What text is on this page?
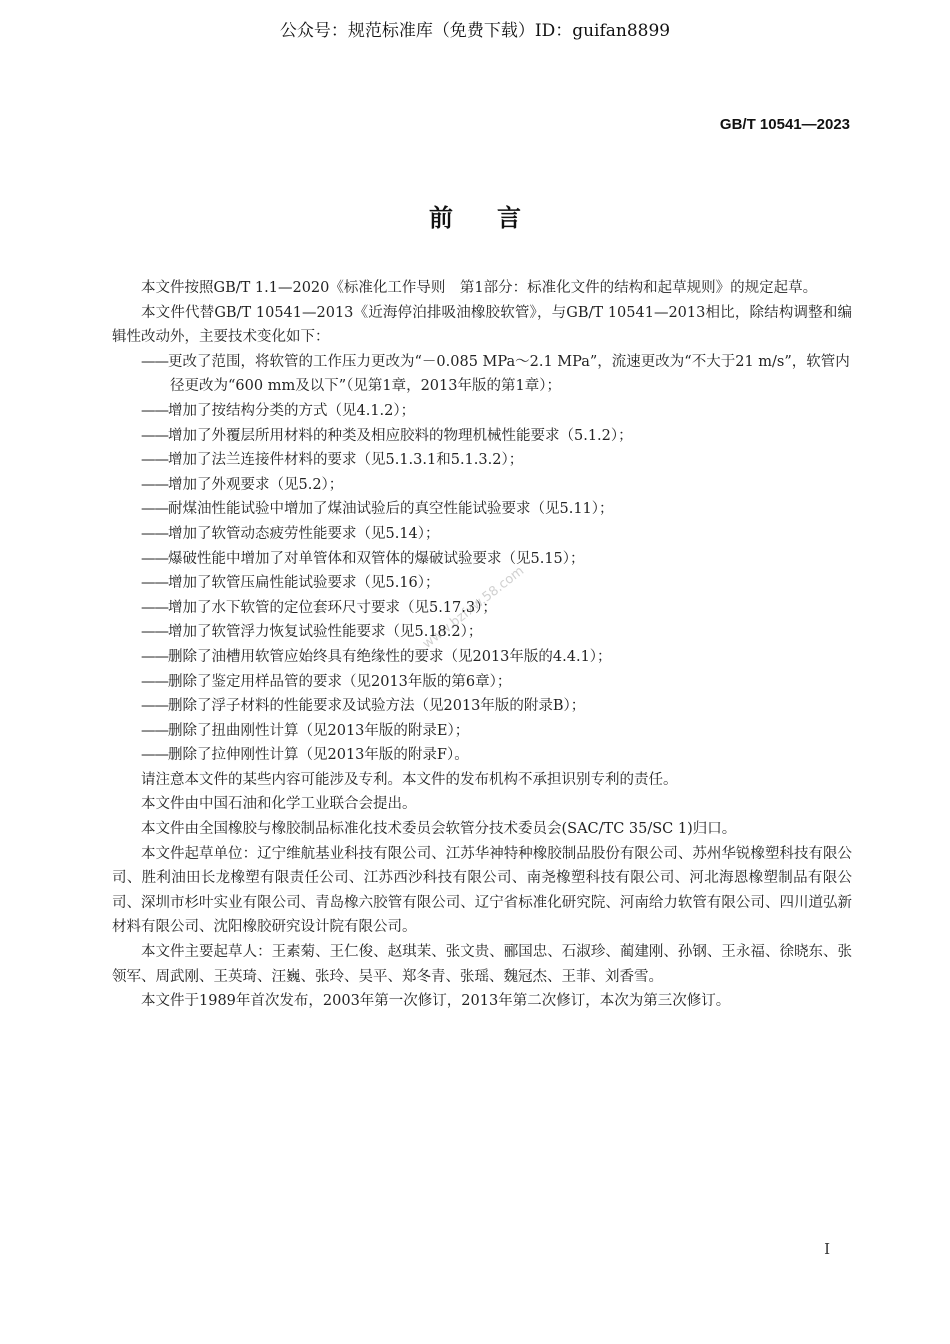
公众号：规范标准库（免费下载）ID：guifan8899
GB/T 10541—2023
前言
www.bzfxw.58.com

本文件按照GB/T 1.1—2020《标准化工作导则　第1部分：标准化文件的结构和起草规则》的规定起草。

本文件代替GB/T 10541—2013《近海停泊排吸油橡胶软管》，与GB/T 10541—2013相比，除结构调整和编辑性改动外，主要技术变化如下：

——更改了范围，将软管的工作压力更改为“－0.085 MPa～2.1 MPa”，流速更改为“不大于21 m/s”，软管内径更改为“600 mm及以下”（见第1章，2013年版的第1章）；
——增加了按结构分类的方式（见4.1.2）；
——增加了外覆层所用材料的种类及相应胶料的物理机械性能要求（5.1.2）；
——增加了法兰连接件材料的要求（见5.1.3.1和5.1.3.2）；
——增加了外观要求（见5.2）；
——耐煤油性能试验中增加了煤油试验后的真空性能试验要求（见5.11）；
——增加了软管动态疲劳性能要求（见5.14）；
——爆破性能中增加了对单管体和双管体的爆破试验要求（见5.15）；
——增加了软管压扁性能试验要求（见5.16）；
——增加了水下软管的定位套环尺寸要求（见5.17.3）；
——增加了软管浮力恢复试验性能要求（见5.18.2）；
——删除了油槽用软管应始终具有绝缘性的要求（见2013年版的4.4.1）；
——删除了鉴定用样品管的要求（见2013年版的第6章）；
——删除了浮子材料的性能要求及试验方法（见2013年版的附录B）；
——删除了扭曲刚性计算（见2013年版的附录E）；
——删除了拉伸刚性计算（见2013年版的附录F）。

请注意本文件的某些内容可能涉及专利。本文件的发布机构不承担识别专利的责任。

本文件由中国石油和化学工业联合会提出。

本文件由全国橡胶与橡胶制品标准化技术委员会软管分技术委员会(SAC/TC 35/SC 1)归口。

本文件起草单位：辽宁维航基业科技有限公司、江苏华神特种橡胶制品股份有限公司、苏州华锐橡塑科技有限公司、胜利油田长龙橡塑有限责任公司、江苏西沙科技有限公司、南尧橡塑科技有限公司、河北海恩橡塑制品有限公司、深圳市杉叶实业有限公司、青岛橡六胶管有限公司、辽宁省标准化研究院、河南给力软管有限公司、四川道弘新材料有限公司、沈阳橡胶研究设计院有限公司。

本文件主要起草人：王素菊、王仁俊、赵琪茉、张文贵、郦国忠、石淑珍、蔺建刚、孙钢、王永福、徐晓东、张领军、周武刚、王英琦、汪巍、张玲、吴平、郑冬青、张瑶、魏冠杰、王菲、刘香雪。

本文件于1989年首次发布，2003年第一次修订，2013年第二次修订，本次为第三次修订。

I
